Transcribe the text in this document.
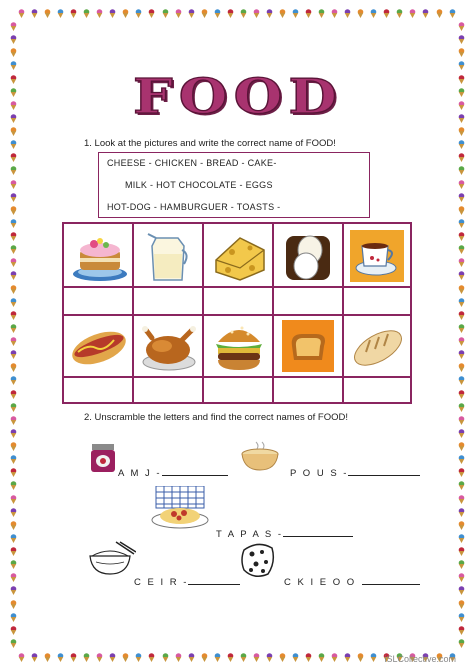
FOOD
1. Look at the pictures and write the correct name of FOOD!
CHEESE - CHICKEN - BREAD - CAKE-
MILK - HOT CHOCOLATE - EGGS
HOT-DOG - HAMBURGUER - TOASTS -
2. Unscramble the letters and find the correct names of FOOD!
A M J -	P O U S -
T A P A S -
C E I R -	C K I E O O
iSLCollective.com
